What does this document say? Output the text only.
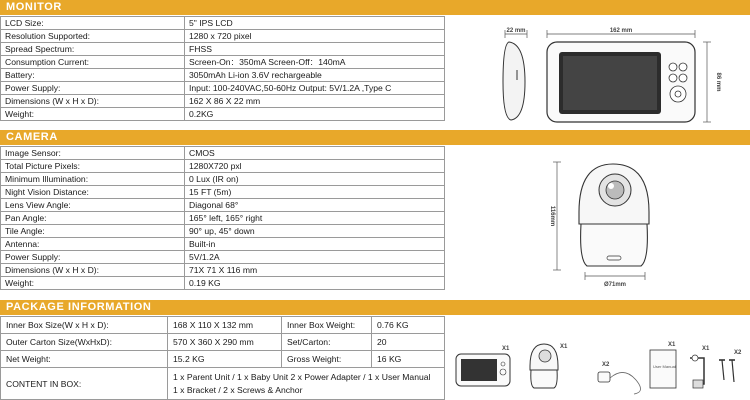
MONITOR
LCD Size:	5" IPS LCD
Resolution Supported:	1280 x 720 pixel
Spread Spectrum:	FHSS
Consumption Current:	Screen-On：350mA Screen-Off：140mA
Battery:	3050mAh Li-ion 3.6V rechargeable
Power Supply:	Input: 100-240VAC,50-60Hz Output: 5V/1.2A ,Type C
Dimensions (W x H x D):	162 X 86 X 22 mm
Weight:	0.2KG
22 mm	162 mm
86 mm
CAMERA
Image Sensor:	CMOS
Total Picture Pixels:	1280X720 pxl
Minimum Illumination:	0 Lux (IR on)
Night Vision Distance:	15 FT (5m)
Lens View Angle:	Diagonal 68°
Pan Angle:	165° left, 165° right
Tile Angle:	90° up, 45° down
Antenna:	Built-in
Power Supply:	5V/1.2A
Dimensions (W x H x D):	71X 71 X 116 mm
Weight:	0.19 KG
116mm
Ø71mm
PACKAGE INFORMATION
Inner Box Size(W x H x D):	168 X 110 X 132 mm	Inner Box Weight:	0.76 KG
Outer Carton Size(WxHxD):	570 X 360 X 290 mm	Set/Carton:	20
Net Weight:	15.2 KG	Gross Weight:	16 KG
CONTENT IN BOX:
1 x Parent Unit / 1 x Baby Unit 2 x Power Adapter / 1 x User Manual
1 x Bracket / 2 x Screws & Anchor
X1	X1
X2	User Manual
X1
X1
X2
